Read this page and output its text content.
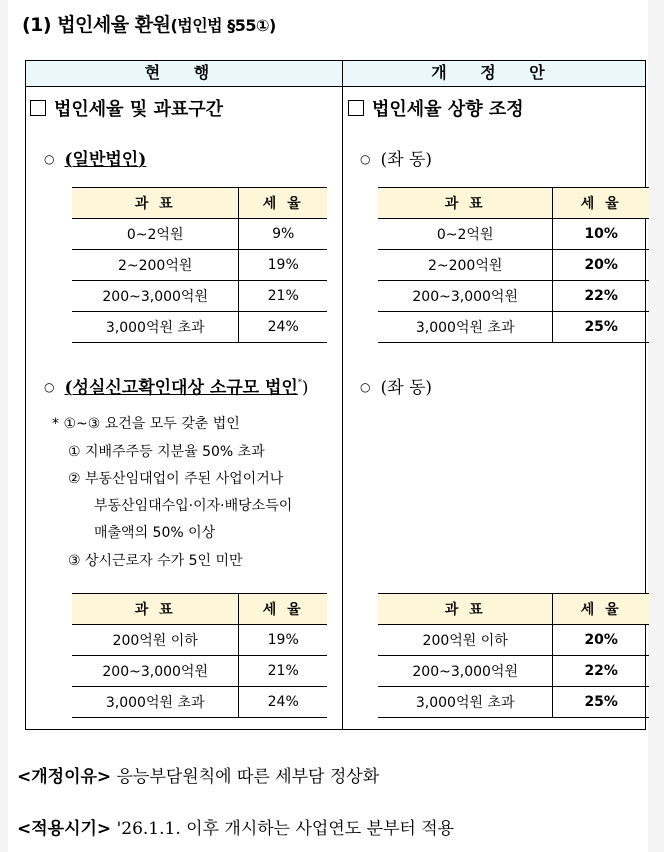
(1) 법인세율 환원(법인법 §55①)
현 행	개 정 안
법인세율 및 과표구간
○ (일반법인)
과 표	세 율
0~2억원	9%
2~200억원	19%
200~3,000억원	21%
3,000억원 초과	24%
○ (성실신고확인대상 소규모 법인*)
* ①~③ 요건을 모두 갖춘 법인
① 지배주주등 지분율 50% 초과
② 부동산임대업이 주된 사업이거나
부동산임대수입·이자·배당소득이
매출액의 50% 이상
③ 상시근로자 수가 5인 미만
과 표	세 율
200억원 이하	19%
200~3,000억원	21%
3,000억원 초과	24%
법인세율 상향 조정
○ (좌 동)
과 표	세 율
0~2억원	10%
2~200억원	20%
200~3,000억원	22%
3,000억원 초과	25%
○ (좌 동)
과 표	세 율
200억원 이하	20%
200~3,000억원	22%
3,000억원 초과	25%
<개정이유> 응능부담원칙에 따른 세부담 정상화
<적용시기> '26.1.1. 이후 개시하는 사업연도 분부터 적용
